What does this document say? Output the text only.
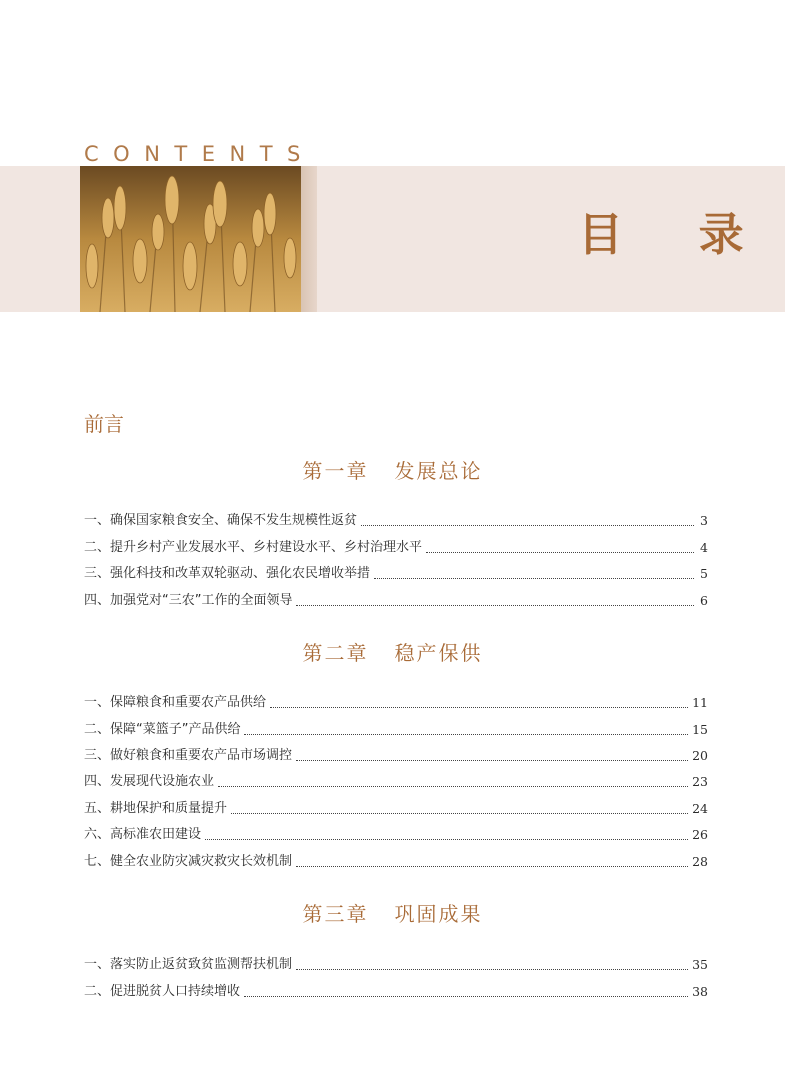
CONTENTS
目 录
前言
第一章 发展总论
一、确保国家粮食安全、确保不发生规模性返贫	3
二、提升乡村产业发展水平、乡村建设水平、乡村治理水平	4
三、强化科技和改革双轮驱动、强化农民增收举措	5
四、加强党对“三农”工作的全面领导	6
第二章 稳产保供
一、保障粮食和重要农产品供给	11
二、保障“菜篮子”产品供给	15
三、做好粮食和重要农产品市场调控	20
四、发展现代设施农业	23
五、耕地保护和质量提升	24
六、高标准农田建设	26
七、健全农业防灾减灾救灾长效机制	28
第三章 巩固成果
一、落实防止返贫致贫监测帮扶机制	35
二、促进脱贫人口持续增收	38
